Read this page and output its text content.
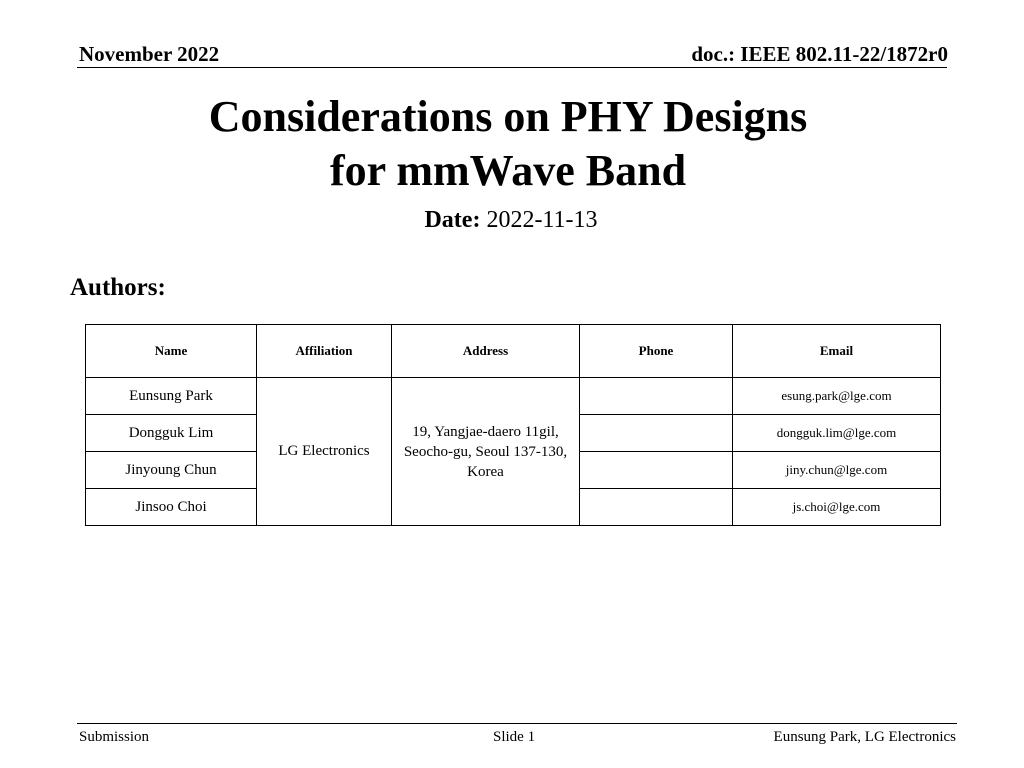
November 2022	doc.: IEEE 802.11-22/1872r0
Considerations on PHY Designs
for mmWave Band
Date: 2022-11-13
Authors:
Name	Affiliation	Address	Phone	Email
Eunsung Park	LG Electronics	19, Yangjae-daero 11gil, Seocho-gu, Seoul 137-130, Korea		esung.park@lge.com
Dongguk Lim				dongguk.lim@lge.com
Jinyoung Chun				jiny.chun@lge.com
Jinsoo Choi				js.choi@lge.com
Submission	Slide 1	Eunsung Park, LG Electronics
